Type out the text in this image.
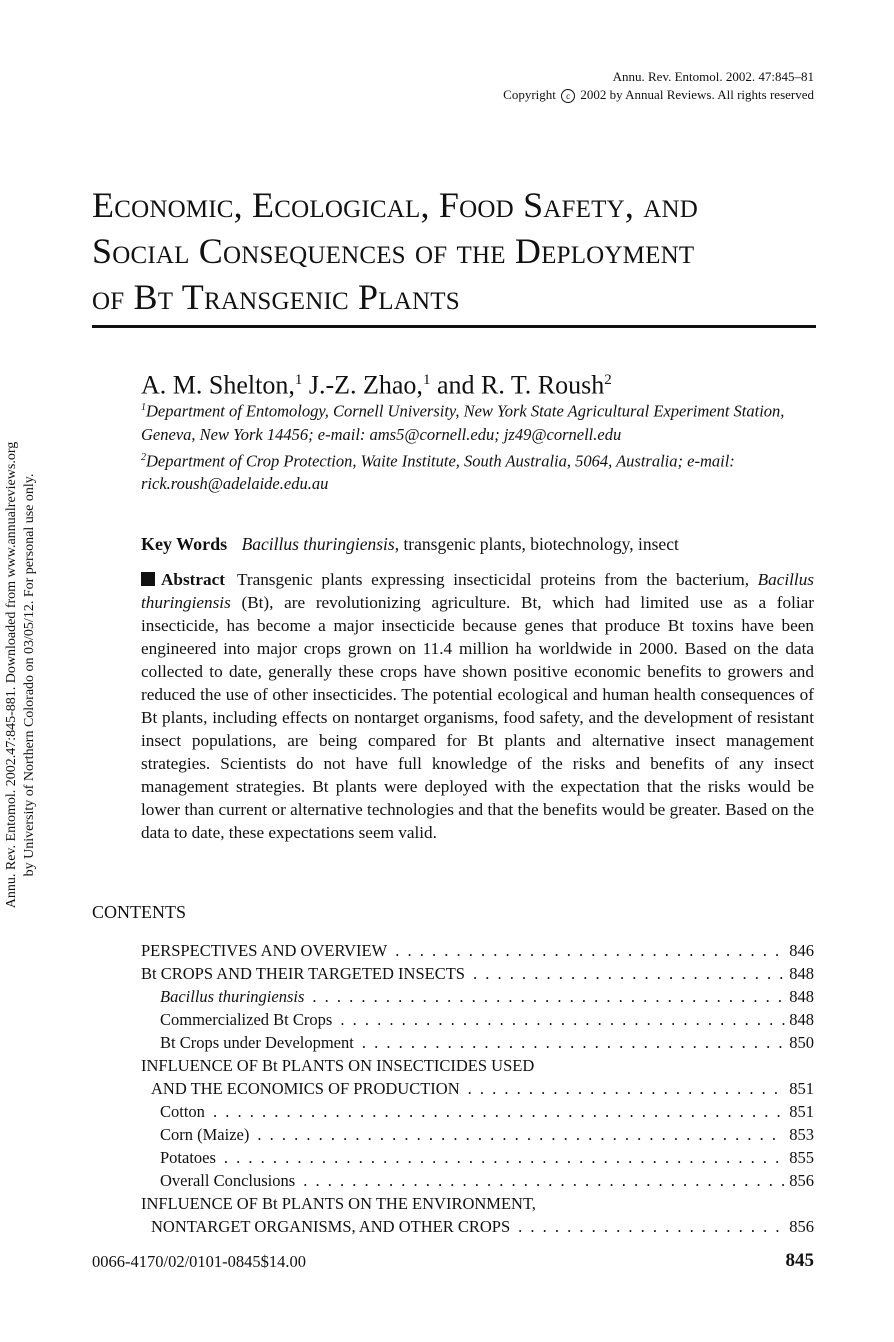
Annu. Rev. Entomol. 2002. 47:845–81
Copyright c 2002 by Annual Reviews. All rights reserved
Annu. Rev. Entomol. 2002.47:845-881. Downloaded from www.annualreviews.org by University of Northern Colorado on 03/05/12. For personal use only.
Economic, Ecological, Food Safety, and
Social Consequences of the Deployment
of Bt Transgenic Plants
A. M. Shelton,$^1$ J.-Z. Zhao,$^1$ and R. T. Roush$^2$
$^1$Department of Entomology, Cornell University, New York State Agricultural Experiment Station, Geneva, New York 14456; e-mail: ams5@cornell.edu; jz49@cornell.edu
$^2$Department of Crop Protection, Waite Institute, South Australia, 5064, Australia; e-mail: rick.roush@adelaide.edu.au
Key Words Bacillus thuringiensis, transgenic plants, biotechnology, insect
Abstract Transgenic plants expressing insecticidal proteins from the bacterium, Bacillus thuringiensis (Bt), are revolutionizing agriculture. Bt, which had limited use as a foliar insecticide, has become a major insecticide because genes that produce Bt toxins have been engineered into major crops grown on 11.4 million ha worldwide in 2000. Based on the data collected to date, generally these crops have shown positive economic benefits to growers and reduced the use of other insecticides. The potential ecological and human health consequences of Bt plants, including effects on nontarget organisms, food safety, and the development of resistant insect populations, are being compared for Bt plants and alternative insect management strategies. Scientists do not have full knowledge of the risks and benefits of any insect management strategies. Bt plants were deployed with the expectation that the risks would be lower than current or alternative technologies and that the benefits would be greater. Based on the data to date, these expectations seem valid.
CONTENTS
PERSPECTIVES AND OVERVIEW . . .	846
Bt CROPS AND THEIR TARGETED INSECTS . . .	848
Bacillus thuringiensis . . .	848
Commercialized Bt Crops . . .	848
Bt Crops under Development . . .	850
INFLUENCE OF Bt PLANTS ON INSECTICIDES USED
AND THE ECONOMICS OF PRODUCTION . . .	851
Cotton . . .	851
Corn (Maize) . . .	853
Potatoes . . .	855
Overall Conclusions . . .	856
INFLUENCE OF Bt PLANTS ON THE ENVIRONMENT,
NONTARGET ORGANISMS, AND OTHER CROPS . . .	856
0066-4170/02/0101-0845$14.00	845
